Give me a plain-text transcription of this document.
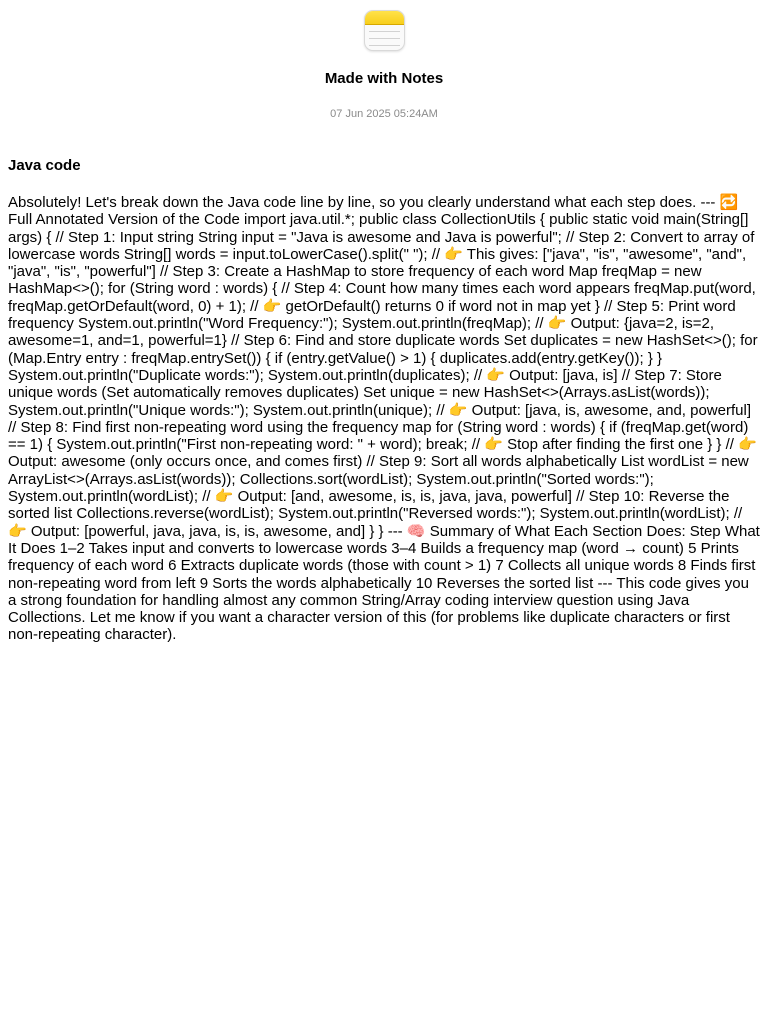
Made with Notes
07 Jun 2025 05:24AM
Java code
Absolutely! Let's break down the Java code line by line, so you clearly understand what each step does. --- 🔁 Full Annotated Version of the Code import java.util.*; public class CollectionUtils { public static void main(String[] args) { // Step 1: Input string String input = "Java is awesome and Java is powerful"; // Step 2: Convert to array of lowercase words String[] words = input.toLowerCase().split(" "); // 👉 This gives: ["java", "is", "awesome", "and", "java", "is", "powerful"] // Step 3: Create a HashMap to store frequency of each word Map freqMap = new HashMap<>(); for (String word : words) { // Step 4: Count how many times each word appears freqMap.put(word, freqMap.getOrDefault(word, 0) + 1); // 👉 getOrDefault() returns 0 if word not in map yet } // Step 5: Print word frequency System.out.println("Word Frequency:"); System.out.println(freqMap); // 👉 Output: {java=2, is=2, awesome=1, and=1, powerful=1} // Step 6: Find and store duplicate words Set duplicates = new HashSet<>(); for (Map.Entry entry : freqMap.entrySet()) { if (entry.getValue() > 1) { duplicates.add(entry.getKey()); } } System.out.println("Duplicate words:"); System.out.println(duplicates); // 👉 Output: [java, is] // Step 7: Store unique words (Set automatically removes duplicates) Set unique = new HashSet<>(Arrays.asList(words)); System.out.println("Unique words:"); System.out.println(unique); // 👉 Output: [java, is, awesome, and, powerful] // Step 8: Find first non-repeating word using the frequency map for (String word : words) { if (freqMap.get(word) == 1) { System.out.println("First non-repeating word: " + word); break; // 👉 Stop after finding the first one } } // 👉 Output: awesome (only occurs once, and comes first) // Step 9: Sort all words alphabetically List wordList = new ArrayList<>(Arrays.asList(words)); Collections.sort(wordList); System.out.println("Sorted words:"); System.out.println(wordList); // 👉 Output: [and, awesome, is, is, java, java, powerful] // Step 10: Reverse the sorted list Collections.reverse(wordList); System.out.println("Reversed words:"); System.out.println(wordList); // 👉 Output: [powerful, java, java, is, is, awesome, and] } } --- 🧠 Summary of What Each Section Does: Step What It Does 1–2 Takes input and converts to lowercase words 3–4 Builds a frequency map (word → count) 5 Prints frequency of each word 6 Extracts duplicate words (those with count > 1) 7 Collects all unique words 8 Finds first non-repeating word from left 9 Sorts the words alphabetically 10 Reverses the sorted list --- This code gives you a strong foundation for handling almost any common String/Array coding interview question using Java Collections. Let me know if you want a character version of this (for problems like duplicate characters or first non-repeating character).
